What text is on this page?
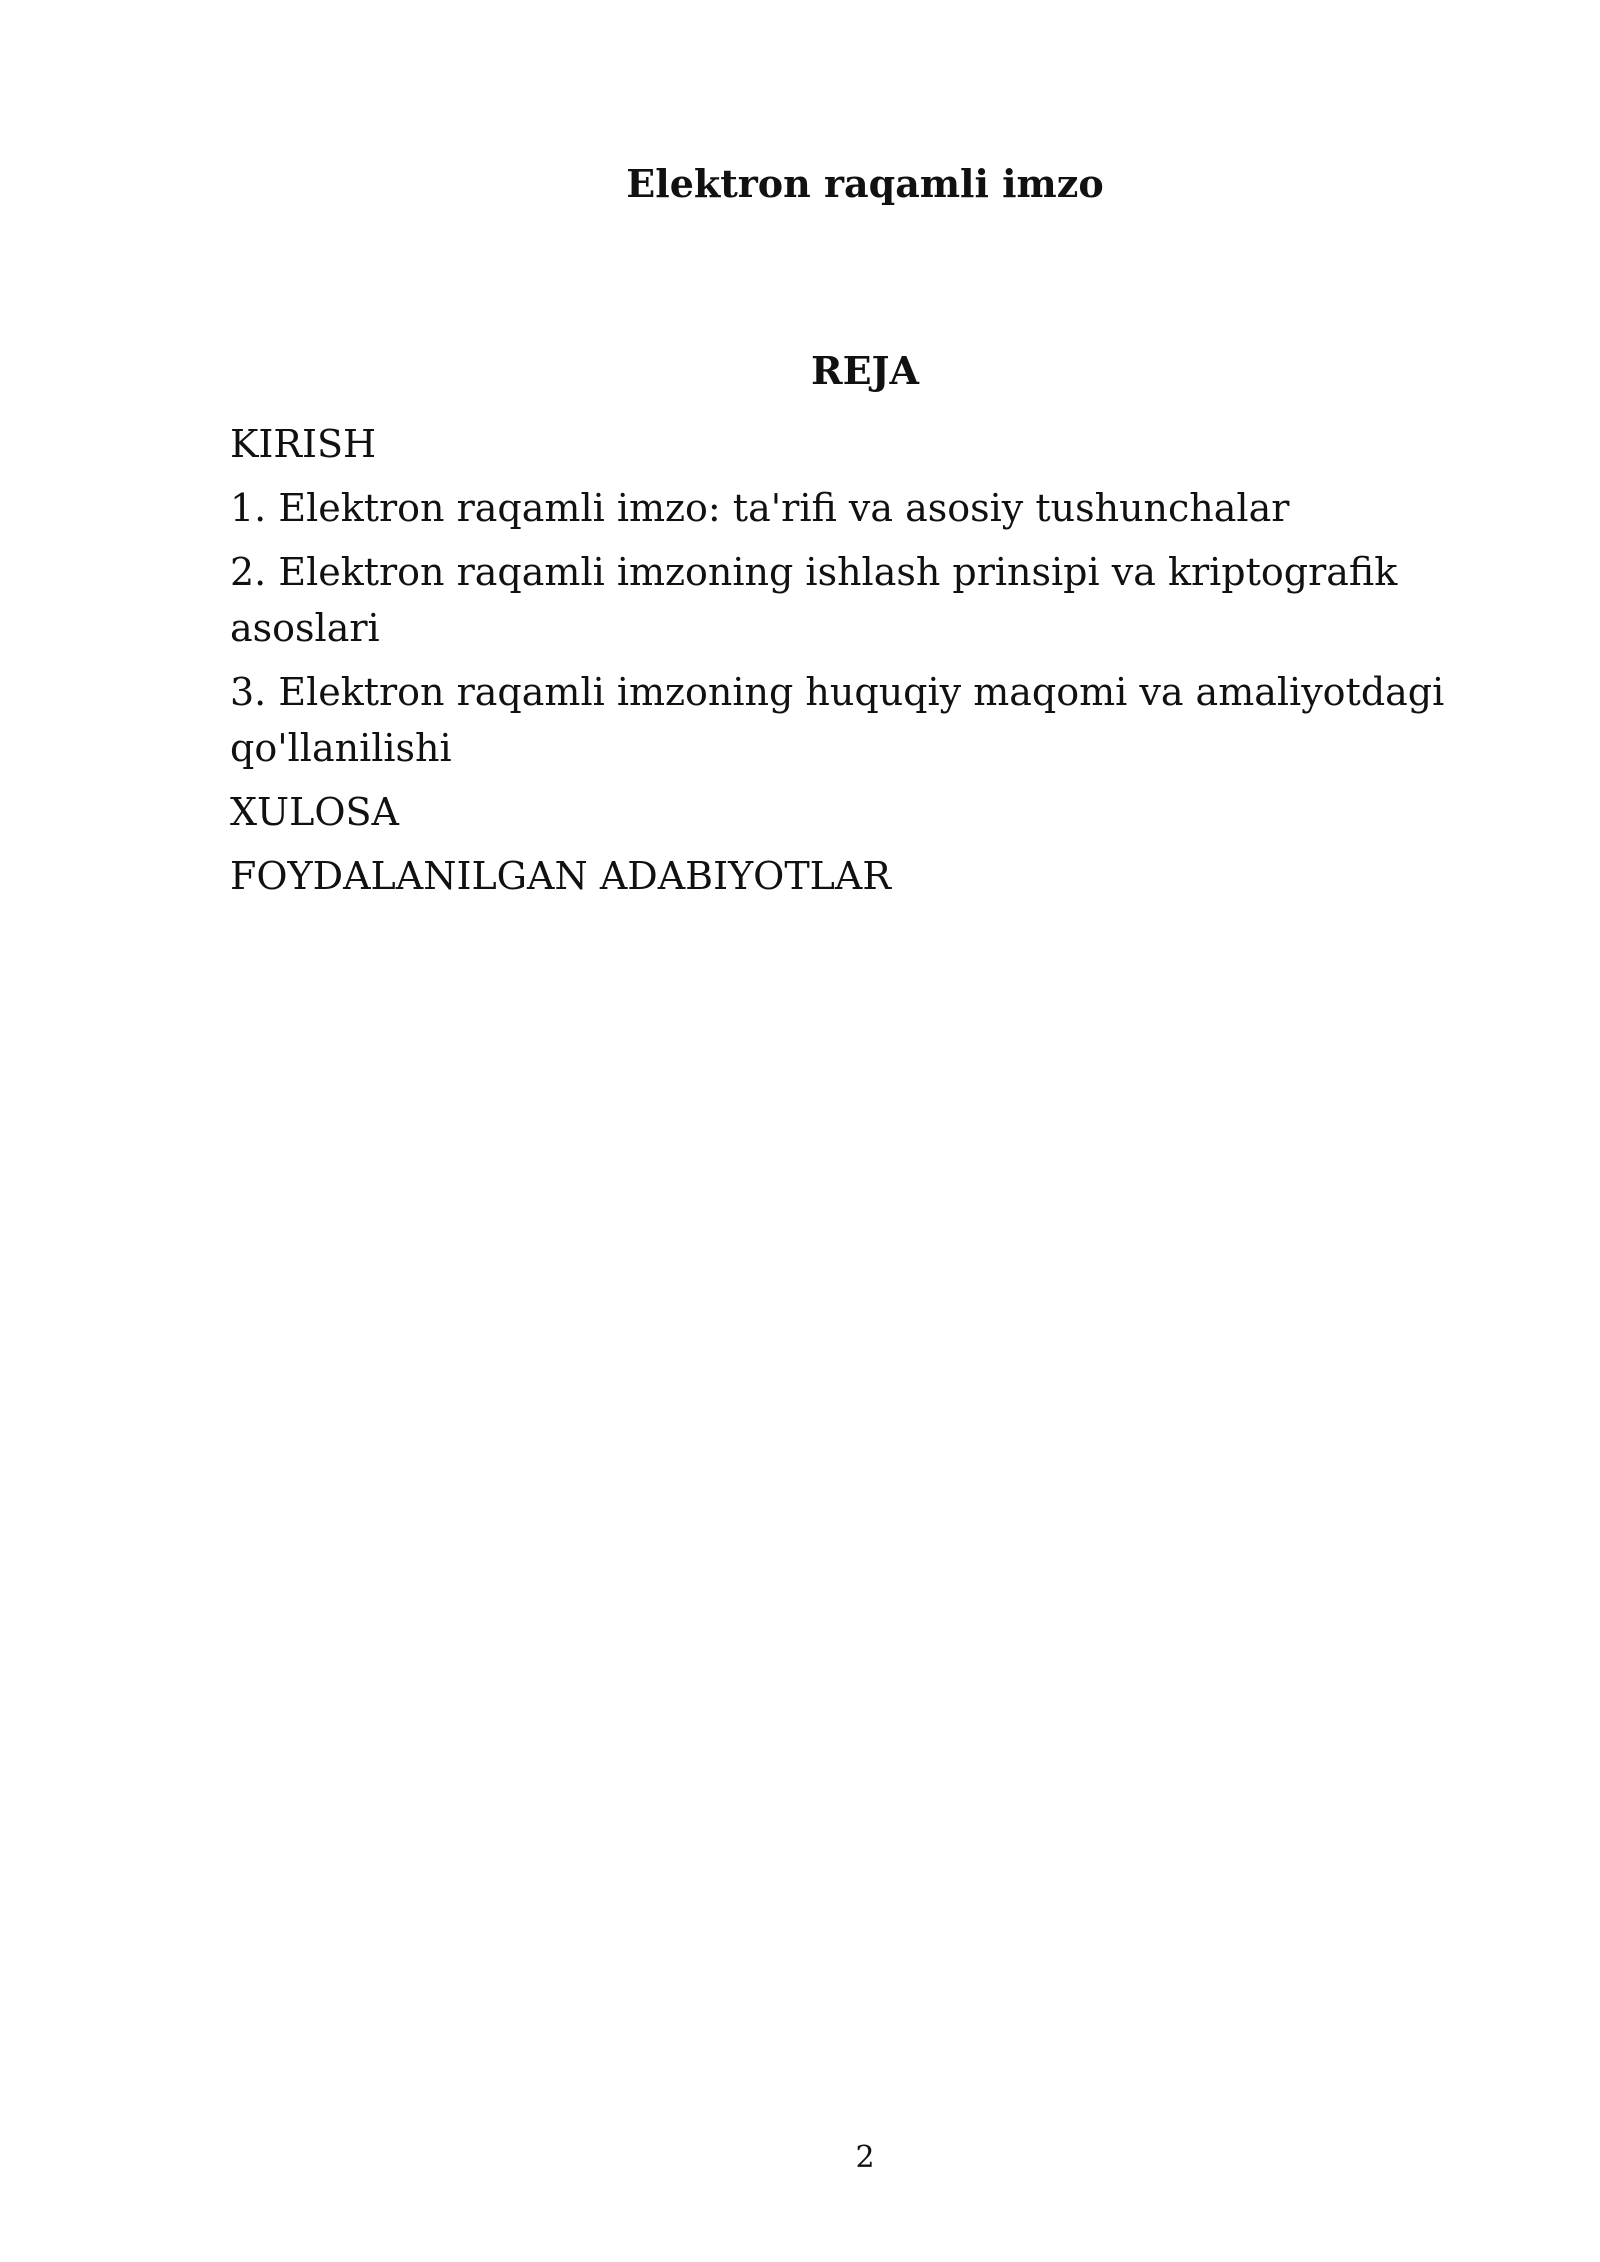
Elektron raqamli imzo
REJA
KIRISH
1. Elektron raqamli imzo: ta'rifi va asosiy tushunchalar
2. Elektron raqamli imzoning ishlash prinsipi va kriptografik asoslari
3. Elektron raqamli imzoning huquqiy maqomi va amaliyotdagi qo'llanilishi
XULOSA
FOYDALANILGAN ADABIYOTLAR
2
